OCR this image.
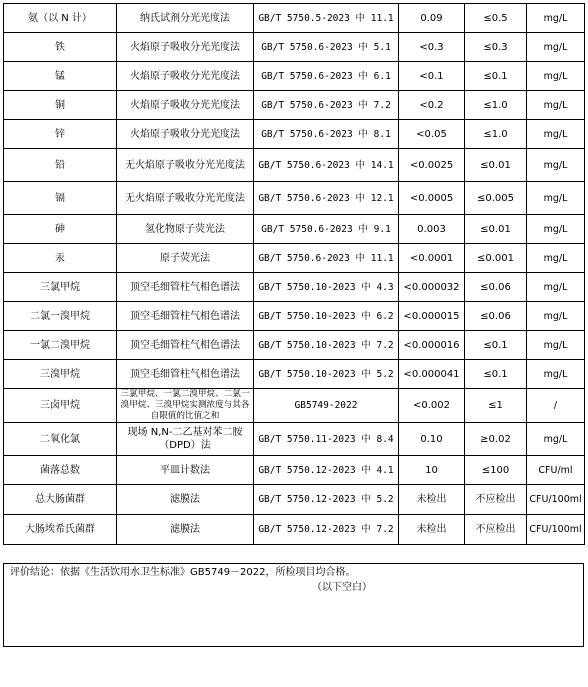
氨（以 N 计）	纳氏试剂分光光度法	GB/T 5750.5-2023 中 11.1	0.09	≤0.5	mg/L
铁	火焰原子吸收分光光度法	GB/T 5750.6-2023 中 5.1	<0.3	≤0.3	mg/L
锰	火焰原子吸收分光光度法	GB/T 5750.6-2023 中 6.1	<0.1	≤0.1	mg/L
铜	火焰原子吸收分光光度法	GB/T 5750.6-2023 中 7.2	<0.2	≤1.0	mg/L
锌	火焰原子吸收分光光度法	GB/T 5750.6-2023 中 8.1	<0.05	≤1.0	mg/L
铅	无火焰原子吸收分光光度法	GB/T 5750.6-2023 中 14.1	<0.0025	≤0.01	mg/L
镉	无火焰原子吸收分光光度法	GB/T 5750.6-2023 中 12.1	<0.0005	≤0.005	mg/L
砷	氢化物原子荧光法	GB/T 5750.6-2023 中 9.1	0.003	≤0.01	mg/L
汞	原子荧光法	GB/T 5750.6-2023 中 11.1	<0.0001	≤0.001	mg/L
三氯甲烷	顶空毛细管柱气相色谱法	GB/T 5750.10-2023 中 4.3	<0.000032	≤0.06	mg/L
二氯一溴甲烷	顶空毛细管柱气相色谱法	GB/T 5750.10-2023 中 6.2	<0.000015	≤0.06	mg/L
一氯二溴甲烷	顶空毛细管柱气相色谱法	GB/T 5750.10-2023 中 7.2	<0.000016	≤0.1	mg/L
三溴甲烷	顶空毛细管柱气相色谱法	GB/T 5750.10-2023 中 5.2	<0.000041	≤0.1	mg/L
三卤甲烷	三氯甲烷、一氯二溴甲烷、二氯一溴甲烷、三溴甲烷实测浓度与其各自限值的比值之和	GB5749-2022	<0.002	≤1	/
二氧化氯	现场 N,N-二乙基对苯二胺（DPD）法	GB/T 5750.11-2023 中 8.4	0.10	≥0.02	mg/L
菌落总数	平皿计数法	GB/T 5750.12-2023 中 4.1	10	≤100	CFU/ml
总大肠菌群	滤膜法	GB/T 5750.12-2023 中 5.2	未检出	不应检出	CFU/100ml
大肠埃希氏菌群	滤膜法	GB/T 5750.12-2023 中 7.2	未检出	不应检出	CFU/100ml
评价结论：依据《生活饮用水卫生标准》GB5749－2022，所检项目均合格。
（以下空白）
